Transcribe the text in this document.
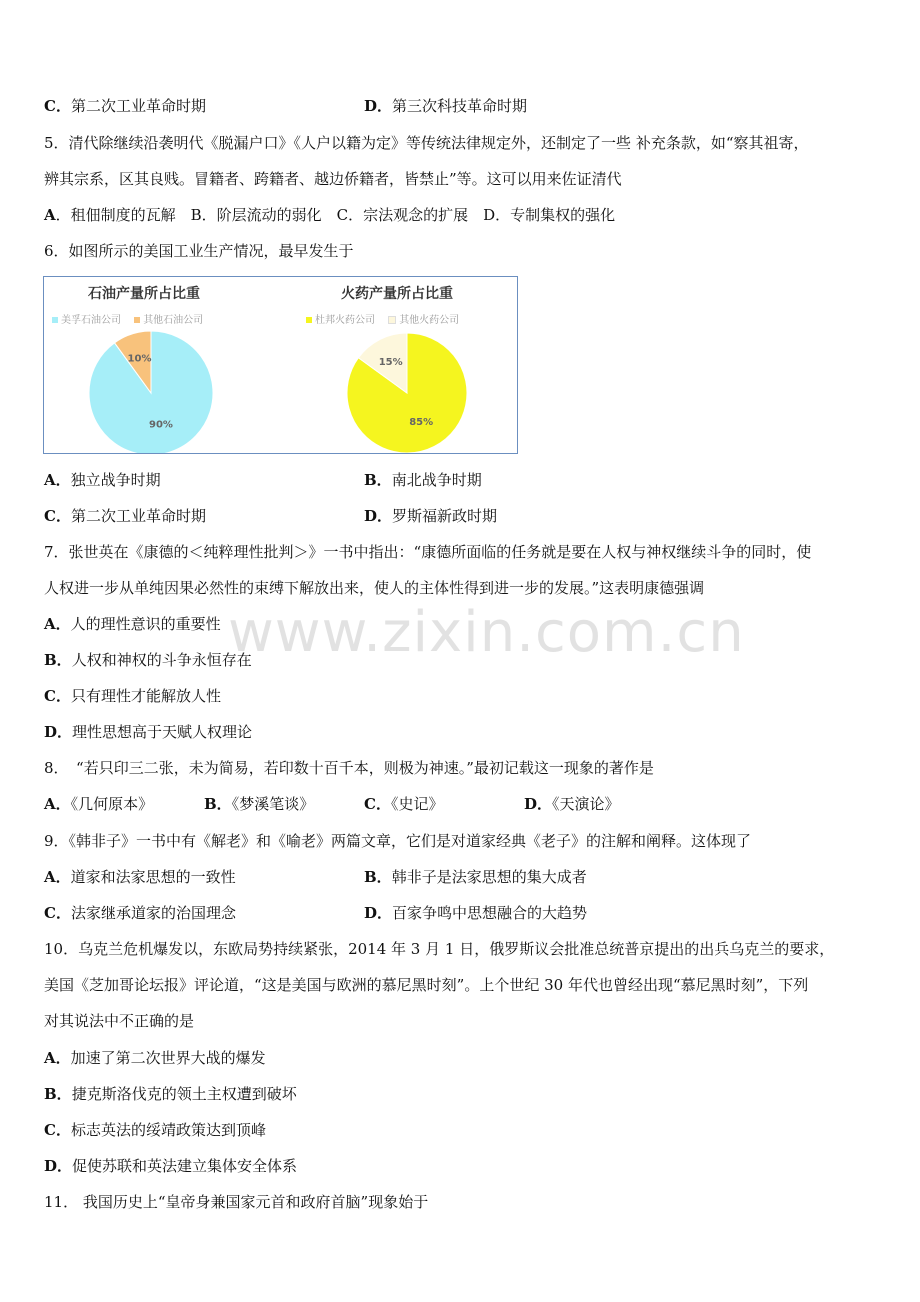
www.zixin.com.cn
C．第二次工业革命时期	D．第三次科技革命时期
5．清代除继续沿袭明代《脱漏户口》《人户以籍为定》等传统法律规定外，还制定了一些 补充条款，如“察其祖寄，
辨其宗系，区其良贱。冒籍者、跨籍者、越边侨籍者，皆禁止”等。这可以用来佐证清代
A．租佃制度的瓦解　B．阶层流动的弱化　C．宗法观念的扩展　D．专制集权的强化
6．如图所示的美国工业生产情况，最早发生于
石油产量所占比重
美孚石油公司 其他石油公司
火药产量所占比重
杜邦火药公司 其他火药公司
90%
10%
85%
15%
A．独立战争时期	B．南北战争时期
C．第二次工业革命时期	D．罗斯福新政时期
7．张世英在《康德的＜纯粹理性批判＞》一书中指出：“康德所面临的任务就是要在人权与神权继续斗争的同时，使
人权进一步从单纯因果必然性的束缚下解放出来，使人的主体性得到进一步的发展。”这表明康德强调
A．人的理性意识的重要性
B．人权和神权的斗争永恒存在
C．只有理性才能解放人性
D．理性思想高于天赋人权理论
8．　“若只印三二张，未为简易，若印数十百千本，则极为神速。”最初记载这一现象的著作是
A．《几何原本》	B．《梦溪笔谈》	C．《史记》	D．《天演论》
9．《韩非子》一书中有《解老》和《喻老》两篇文章，它们是对道家经典《老子》的注解和阐释。这体现了
A．道家和法家思想的一致性	B．韩非子是法家思想的集大成者
C．法家继承道家的治国理念	D．百家争鸣中思想融合的大趋势
10．乌克兰危机爆发以，东欧局势持续紧张，2014 年 3 月 1 日，俄罗斯议会批准总统普京提出的出兵乌克兰的要求，
美国《芝加哥论坛报》评论道，“这是美国与欧洲的慕尼黑时刻”。上个世纪 30 年代也曾经出现“慕尼黑时刻”，下列
对其说法中不正确的是
A．加速了第二次世界大战的爆发
B．捷克斯洛伐克的领土主权遭到破坏
C．标志英法的绥靖政策达到顶峰
D．促使苏联和英法建立集体安全体系
11． 我国历史上“皇帝身兼国家元首和政府首脑”现象始于
